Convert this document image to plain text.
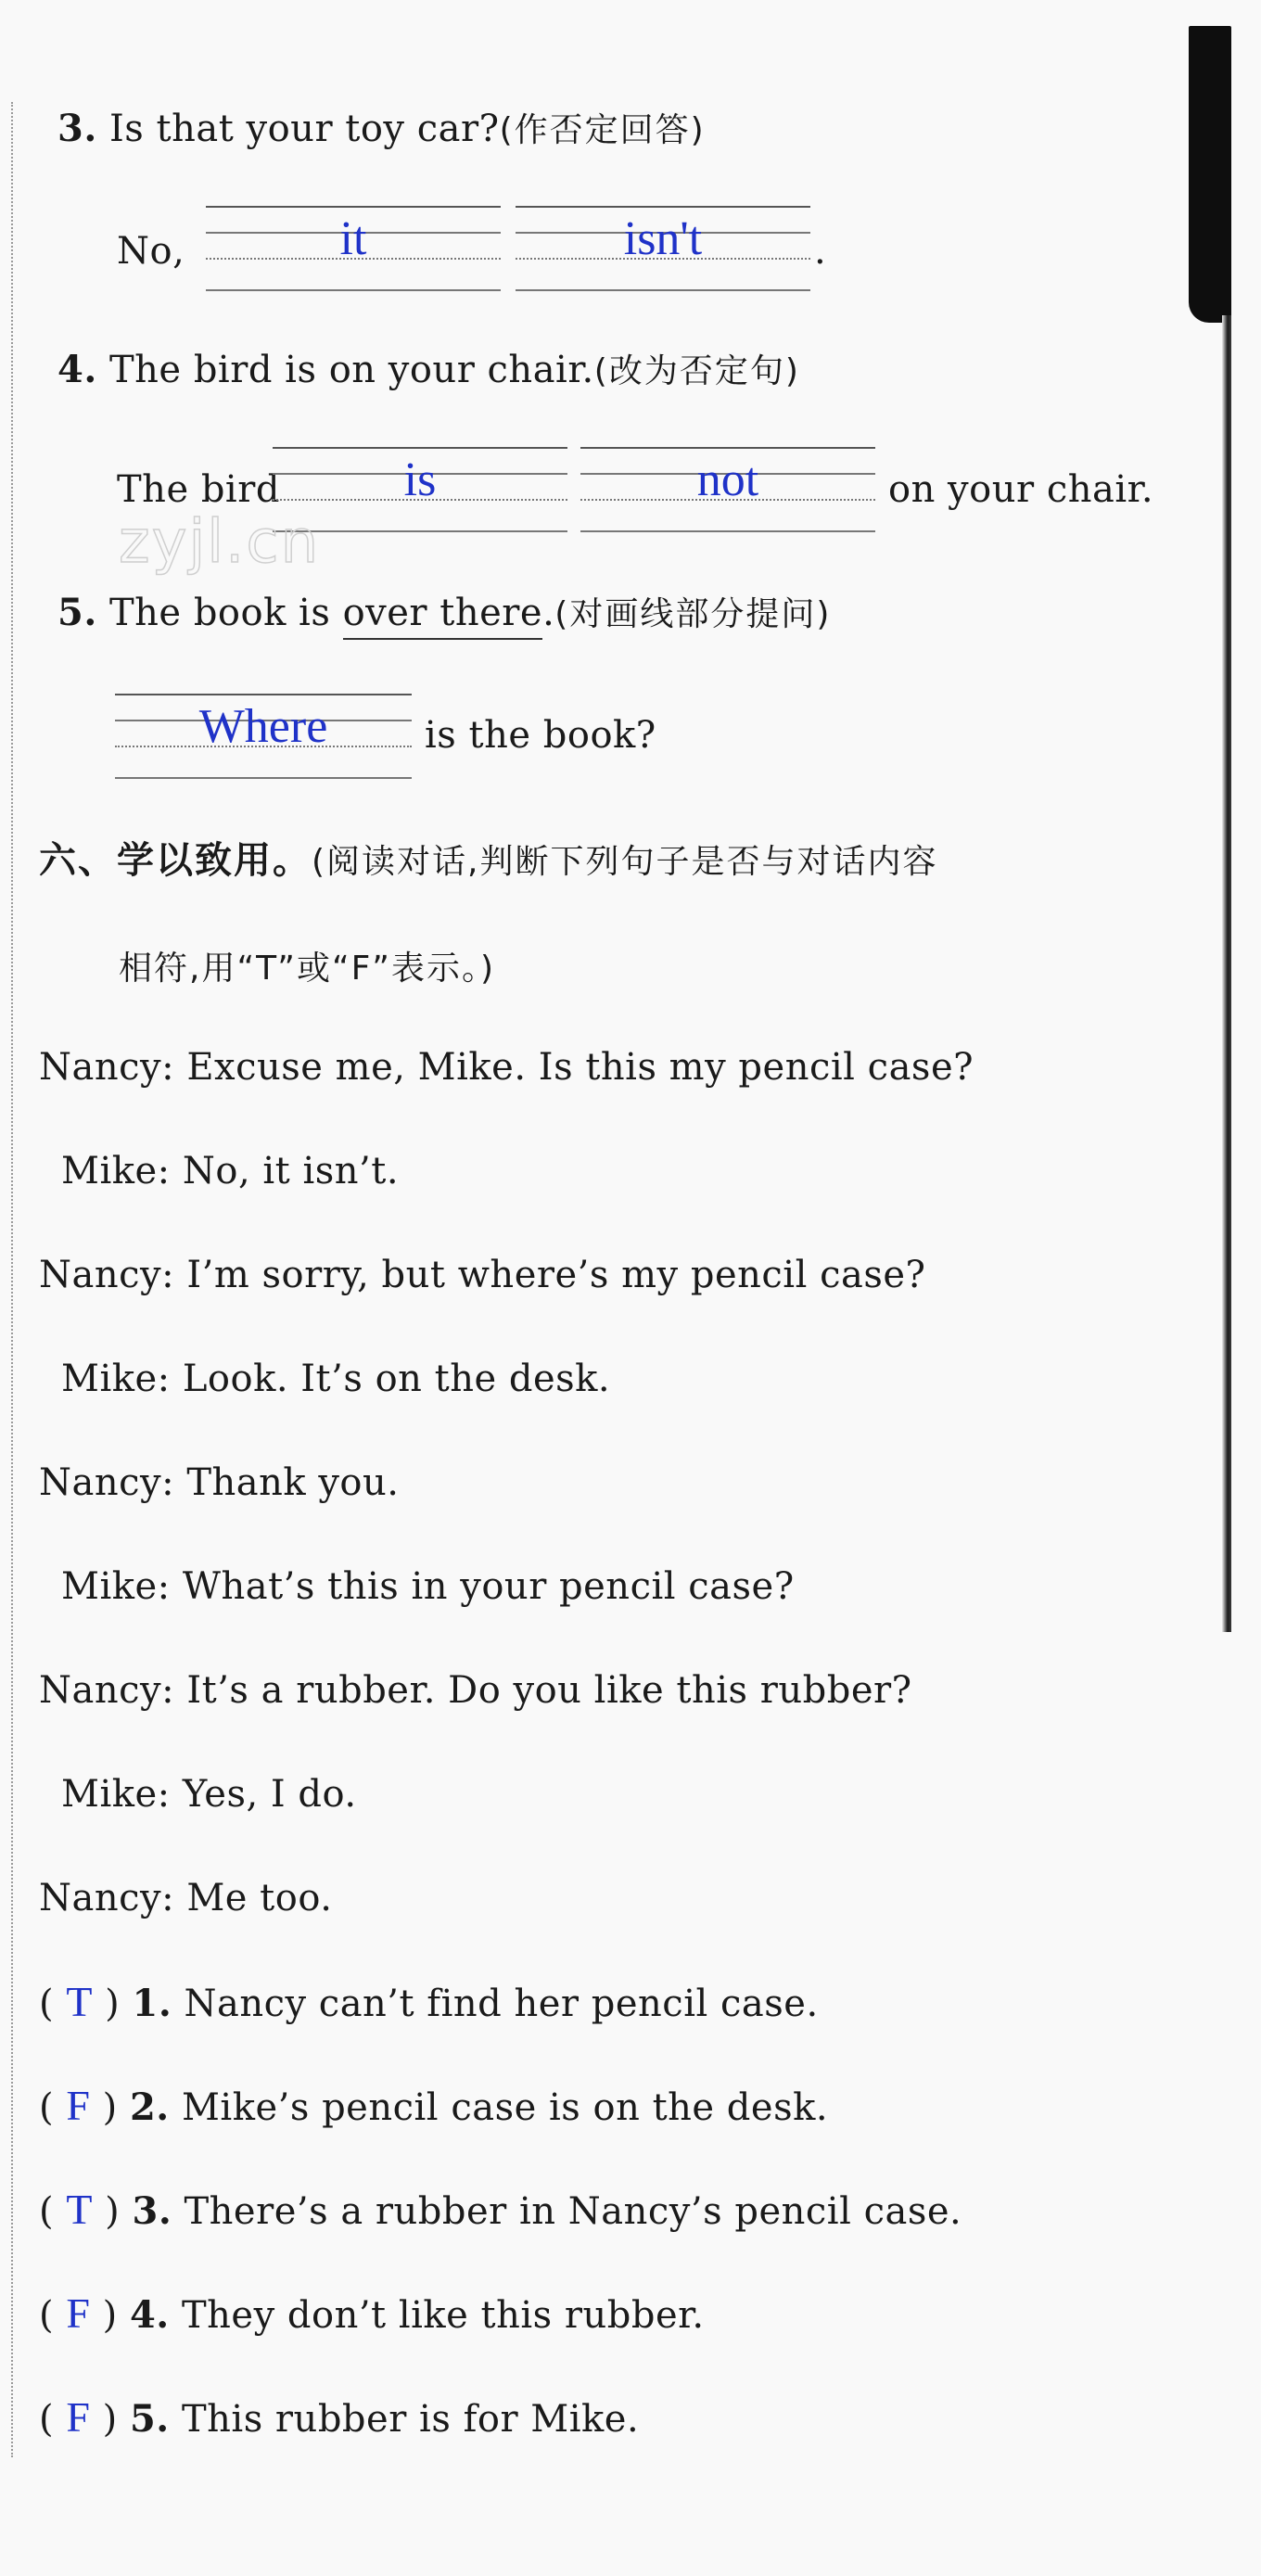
3. Is that your toy car?(作否定回答)
No,	it	isn't	.
4. The bird is on your chair.(改为否定句)
The bird	is	not	on your chair.
zyjl.cn
5. The book is over there.(对画线部分提问)
Where	is the book?
六、学以致用。(阅读对话,判断下列句子是否与对话内容
相符,用“T”或“F”表示。)
Nancy: Excuse me, Mike. Is this my pencil case?
Mike: No, it isn’t.
Nancy: I’m sorry, but where’s my pencil case?
Mike: Look. It’s on the desk.
Nancy: Thank you.
Mike: What’s this in your pencil case?
Nancy: It’s a rubber. Do you like this rubber?
Mike: Yes, I do.
Nancy: Me too.
( T ) 1. Nancy can’t find her pencil case.
( F ) 2. Mike’s pencil case is on the desk.
( T ) 3. There’s a rubber in Nancy’s pencil case.
( F ) 4. They don’t like this rubber.
( F ) 5. This rubber is for Mike.
